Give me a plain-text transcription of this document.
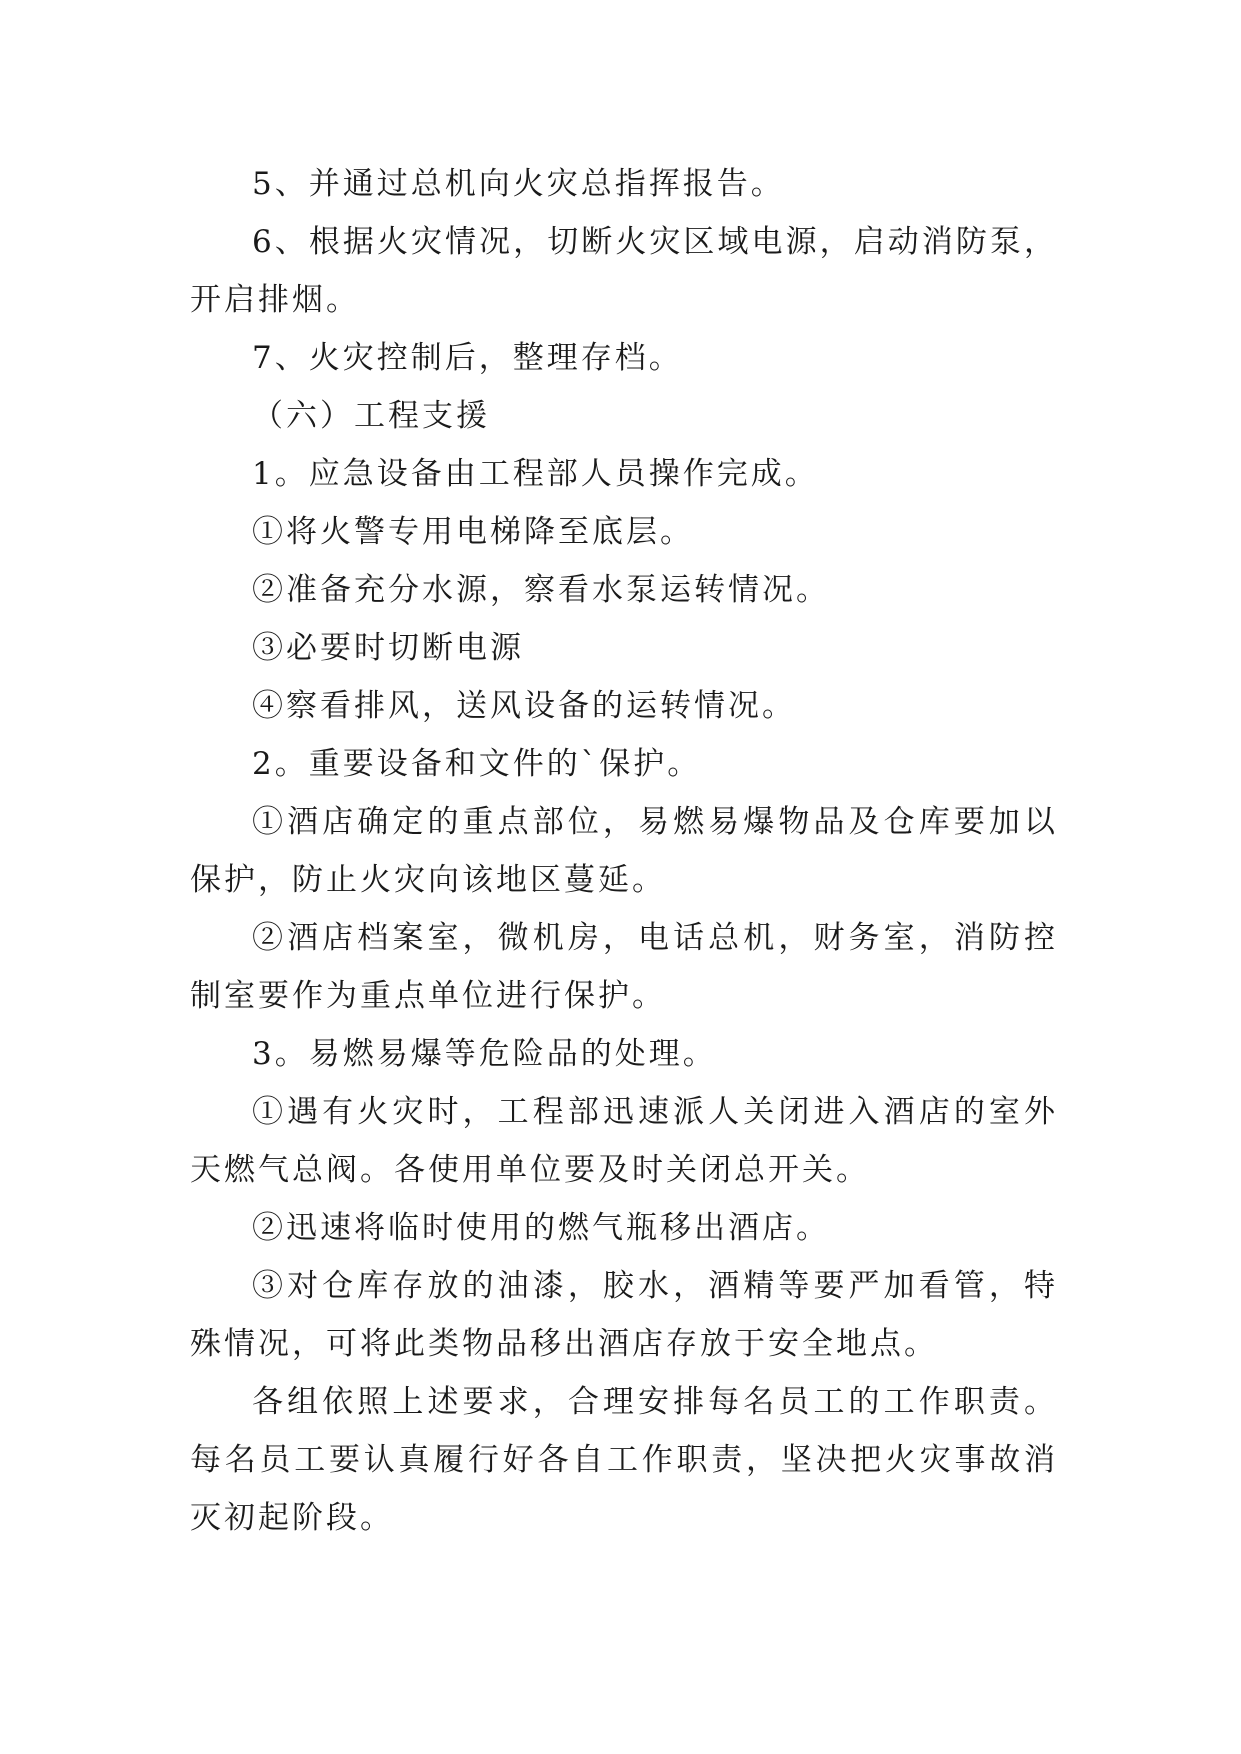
5、并通过总机向火灾总指挥报告。

6、根据火灾情况，切断火灾区域电源，启动消防泵，开启排烟。

7、火灾控制后，整理存档。

（六）工程支援

1。应急设备由工程部人员操作完成。

①将火警专用电梯降至底层。

②准备充分水源，察看水泵运转情况。

③必要时切断电源

④察看排风，送风设备的运转情况。

2。重要设备和文件的`保护。

①酒店确定的重点部位，易燃易爆物品及仓库要加以保护，防止火灾向该地区蔓延。

②酒店档案室，微机房，电话总机，财务室，消防控制室要作为重点单位进行保护。

3。易燃易爆等危险品的处理。

①遇有火灾时，工程部迅速派人关闭进入酒店的室外天燃气总阀。各使用单位要及时关闭总开关。

②迅速将临时使用的燃气瓶移出酒店。

③对仓库存放的油漆，胶水，酒精等要严加看管，特殊情况，可将此类物品移出酒店存放于安全地点。

各组依照上述要求，合理安排每名员工的工作职责。每名员工要认真履行好各自工作职责，坚决把火灾事故消灭初起阶段。
